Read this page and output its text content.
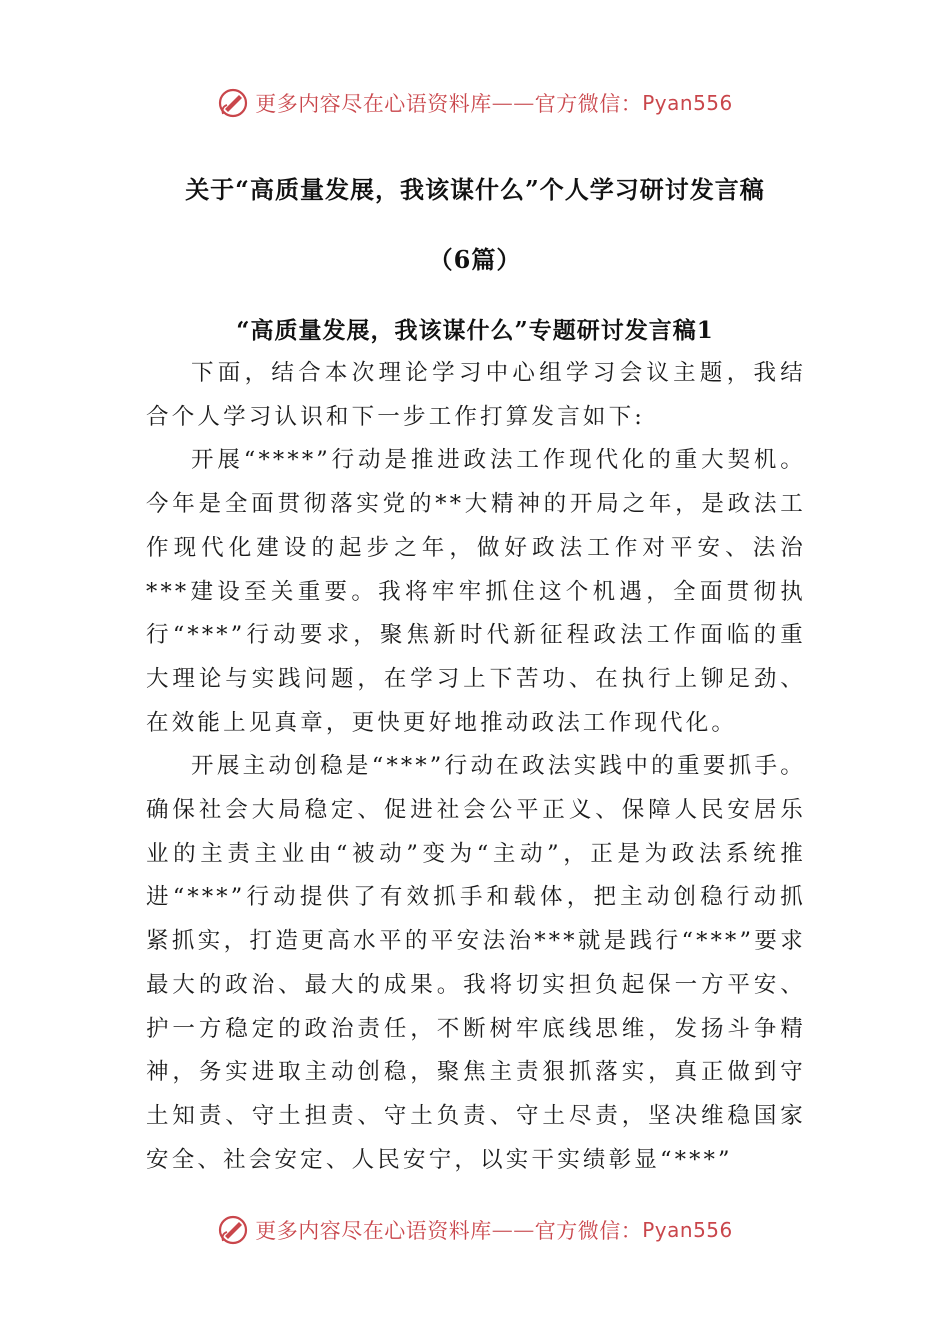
更多内容尽在心语资料库 —— 官方微信： Pyan556
关于“高质量发展，我该谋什么”个人学习研讨发言稿
（6篇）
“高质量发展，我该谋什么”专题研讨发言稿1

下面，结合本次理论学习中心组学习会议主题，我结合个人学习认识和下一步工作打算发言如下:

开展“****”行动是推进政法工作现代化的重大契机。今年是全面贯彻落实党的**大精神的开局之年，是政法工作现代化建设的起步之年，做好政法工作对平安、法治***建设至关重要。我将牢牢抓住这个机遇，全面贯彻执行“***”行动要求，聚焦新时代新征程政法工作面临的重大理论与实践问题，在学习上下苦功、在执行上铆足劲、在效能上见真章，更快更好地推动政法工作现代化。

开展主动创稳是“***”行动在政法实践中的重要抓手。确保社会大局稳定、促进社会公平正义、保障人民安居乐业的主责主业由“被动”变为“主动”，正是为政法系统推进“***”行动提供了有效抓手和载体，把主动创稳行动抓紧抓实，打造更高水平的平安法治***就是践行“***”要求最大的政治、最大的成果。我将切实担负起保一方平安、护一方稳定的政治责任，不断树牢底线思维，发扬斗争精神，务实进取主动创稳，聚焦主责狠抓落实，真正做到守土知责、守土担责、守土负责、守土尽责，坚决维稳国家安全、社会安定、人民安宁，以实干实绩彰显“***”

更多内容尽在心语资料库 —— 官方微信： Pyan556
